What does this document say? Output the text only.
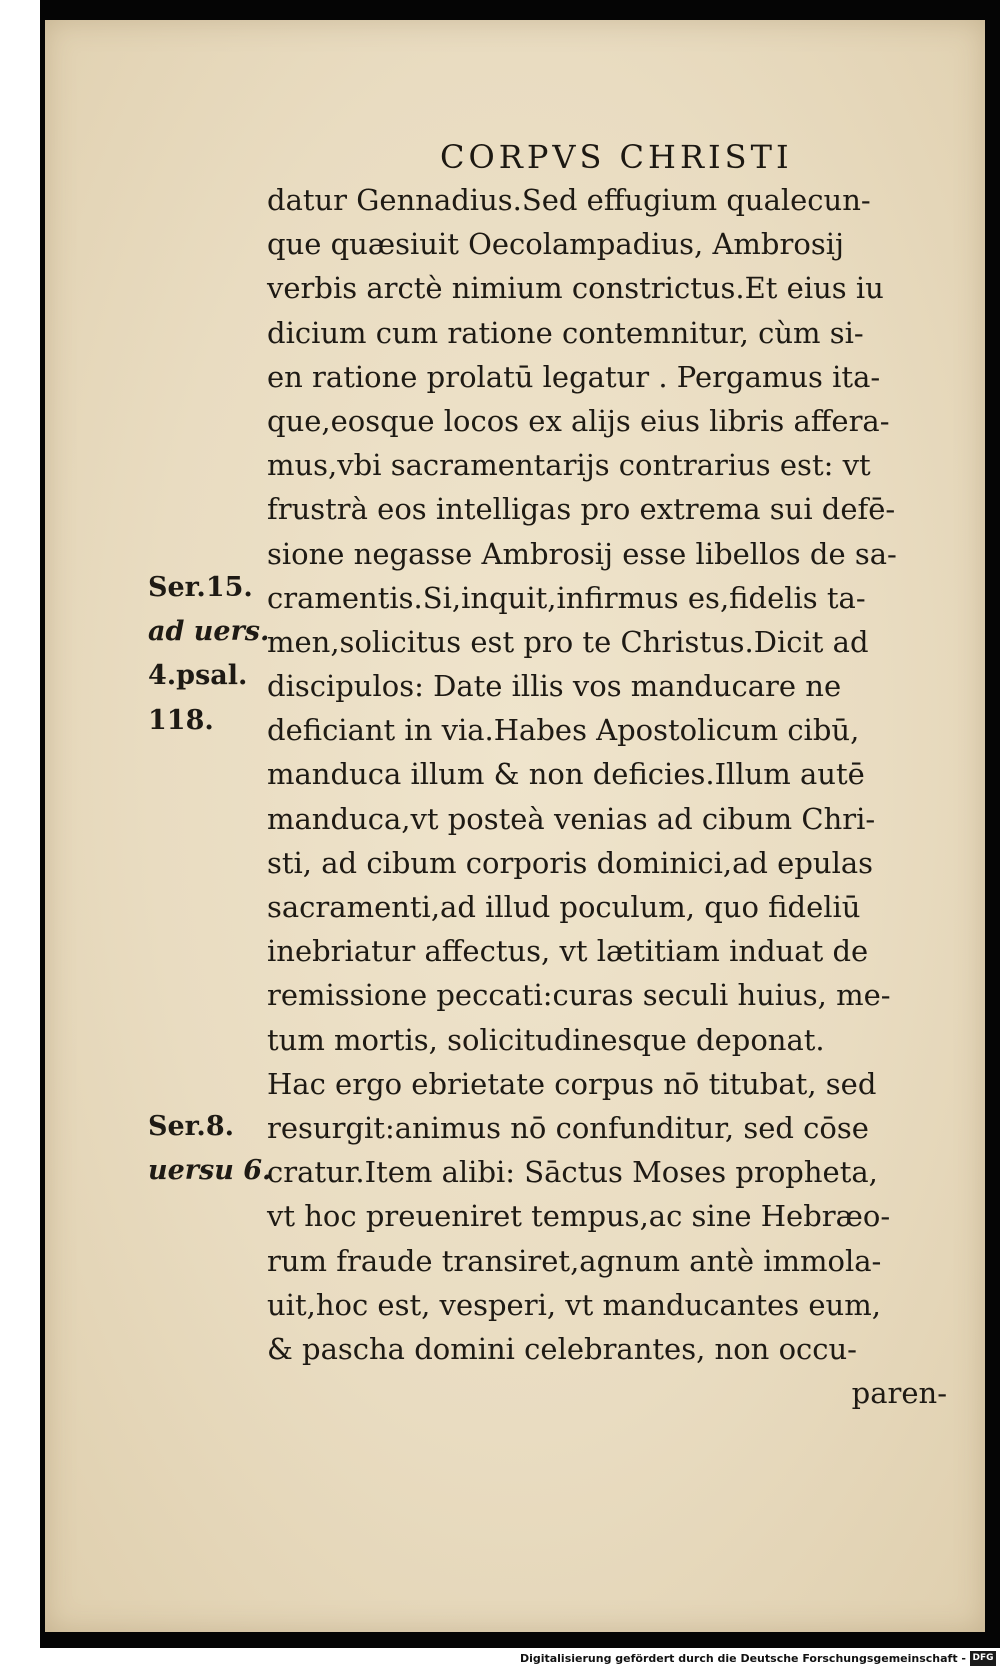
CORPVS CHRISTI
datur Gennadius.Sed effugium qualecun-
que quæsiuit Oecolampadius, Ambrosij
verbis arctè nimium constrictus.Et eius iu
dicium cum ratione contemnitur, cùm si-
en ratione prolatū legatur . Pergamus ita-
que,eosque locos ex alijs eius libris affera-
mus,vbi sacramentarijs contrarius est: vt
frustrà eos intelligas pro extrema sui defē-
sione negasse Ambrosij esse libellos de sa-
cramentis.Si,inquit,infirmus es,fidelis ta-
men,solicitus est pro te Christus.Dicit ad
discipulos: Date illis vos manducare ne
deficiant in via.Habes Apostolicum cibū,
manduca illum & non deficies.Illum autē
manduca,vt posteà venias ad cibum Chri-
sti, ad cibum corporis dominici,ad epulas
sacramenti,ad illud poculum, quo fideliū
inebriatur affectus, vt lætitiam induat de
remissione peccati:curas seculi huius, me-
tum mortis, solicitudinesque deponat.
Hac ergo ebrietate corpus nō titubat, sed
resurgit:animus nō confunditur, sed cōse
cratur.Item alibi: Sāctus Moses propheta,
vt hoc preueniret tempus,ac sine Hebræo-
rum fraude transiret,agnum antè immola-
uit,hoc est, vesperi, vt manducantes eum,
& pascha domini celebrantes, non occu-
paren-
Ser.15.
ad uers.
4.psal.
118.
Ser.8.
uersu 6.
Digitalisierung gefördert durch die Deutsche Forschungsgemeinschaft - DFG
